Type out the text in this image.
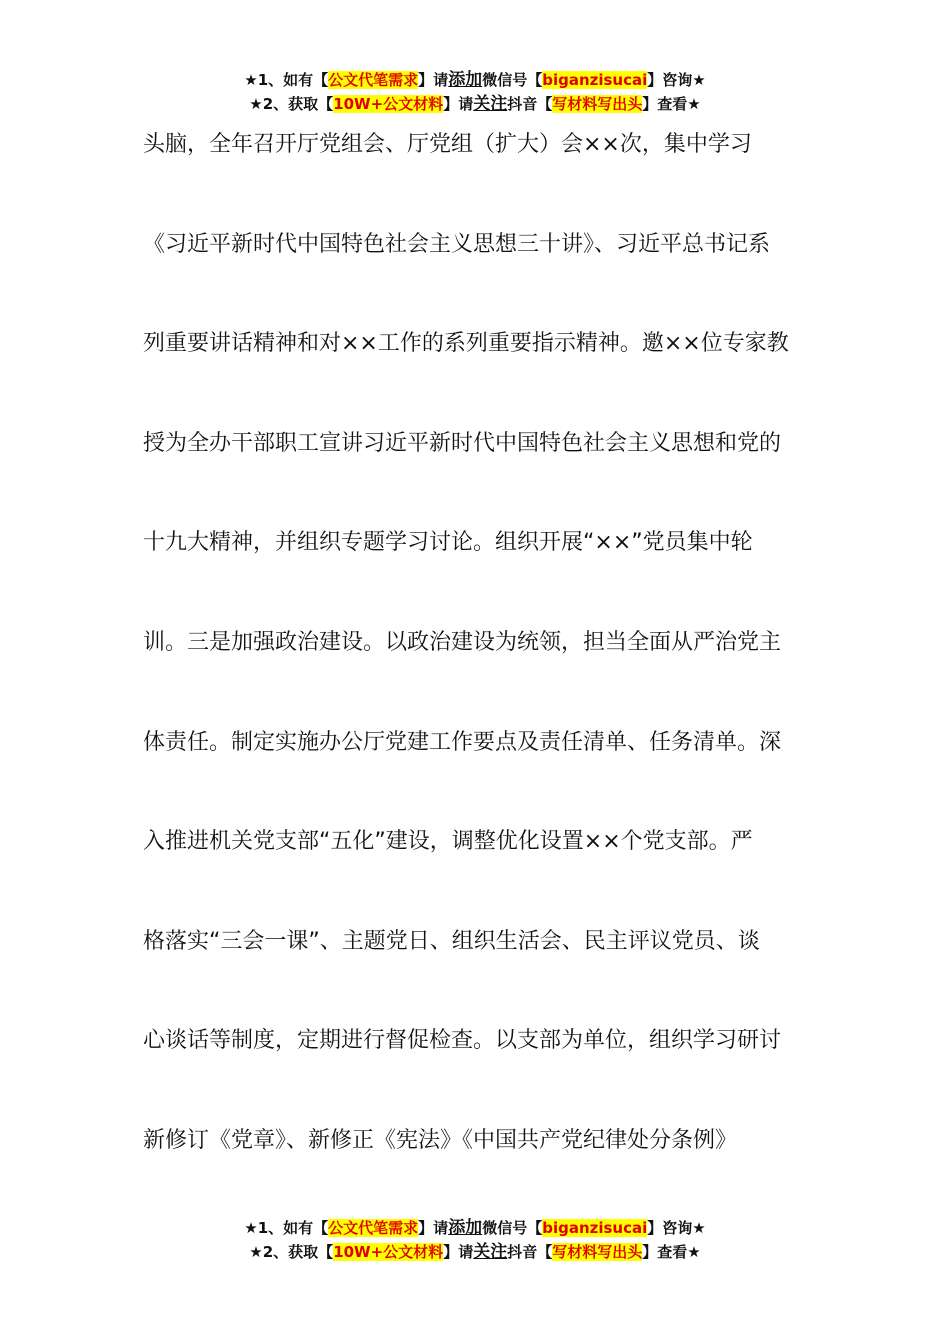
★1、如有【公文代笔需求】请添加微信号【biganzisucai】咨询★
★2、获取【10W+公文材料】请关注抖音【写材料写出头】查看★
头脑，全年召开厅党组会、厅党组（扩大）会××次，集中学习
《习近平新时代中国特色社会主义思想三十讲》、习近平总书记系
列重要讲话精神和对××工作的系列重要指示精神。邀××位专家教
授为全办干部职工宣讲习近平新时代中国特色社会主义思想和党的
十九大精神，并组织专题学习讨论。组织开展“××”党员集中轮
训。三是加强政治建设。以政治建设为统领，担当全面从严治党主
体责任。制定实施办公厅党建工作要点及责任清单、任务清单。深
入推进机关党支部“五化”建设，调整优化设置××个党支部。严
格落实“三会一课”、主题党日、组织生活会、民主评议党员、谈
心谈话等制度，定期进行督促检查。以支部为单位，组织学习研讨
新修订《党章》、新修正《宪法》《中国共产党纪律处分条例》
★1、如有【公文代笔需求】请添加微信号【biganzisucai】咨询★
★2、获取【10W+公文材料】请关注抖音【写材料写出头】查看★
